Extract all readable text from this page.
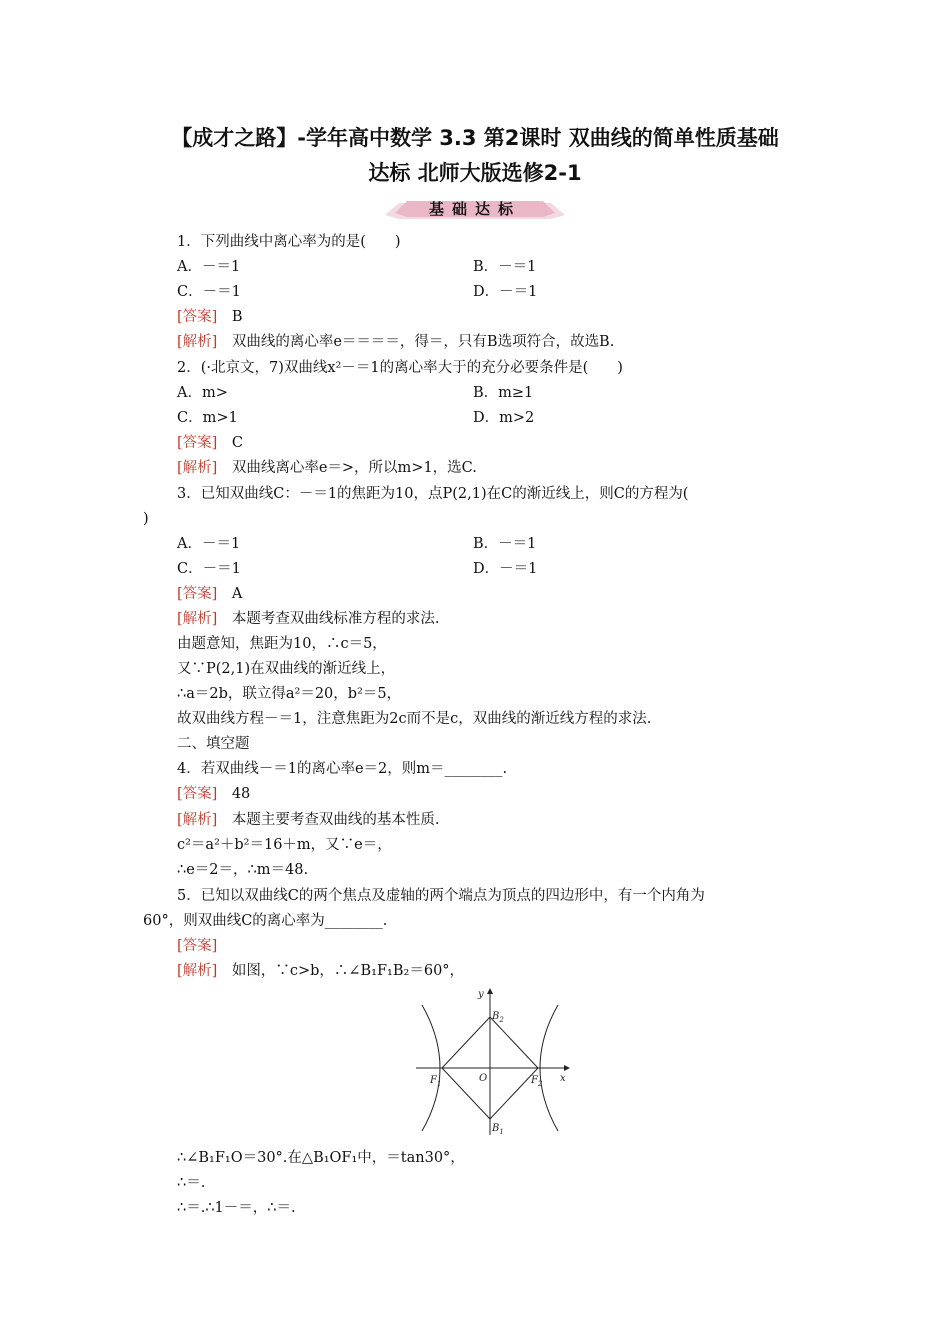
【成才之路】-学年高中数学 3.3 第2课时 双曲线的简单性质基础
达标 北师大版选修2-1
基础达标
1．下列曲线中离心率为的是(　　)
A．－＝1	B．－＝1
C．－＝1	D．－＝1
[答案]　B
[解析]　双曲线的离心率e＝＝＝＝，得＝，只有B选项符合，故选B.
2．(·北京文，7)双曲线x²－＝1的离心率大于的充分必要条件是(　　)
A．m>	B．m≥1
C．m>1	D．m>2
[答案]　C
[解析]　双曲线离心率e＝>，所以m>1，选C.
3．已知双曲线C：－＝1的焦距为10，点P(2,1)在C的渐近线上，则C的方程为(
)
A．－＝1	B．－＝1
C．－＝1	D．－＝1
[答案]　A
[解析]　本题考查双曲线标准方程的求法.
由题意知，焦距为10，∴c＝5，
又∵P(2,1)在双曲线的渐近线上，
∴a＝2b，联立得a²＝20，b²＝5，
故双曲线方程－＝1，注意焦距为2c而不是c，双曲线的渐近线方程的求法.
二、填空题
4．若双曲线－＝1的离心率e＝2，则m＝________.
[答案]　48
[解析]　本题主要考查双曲线的基本性质.
c²＝a²＋b²＝16＋m，又∵e＝，
∴e＝2＝，∴m＝48.
5．已知以双曲线C的两个焦点及虚轴的两个端点为顶点的四边形中，有一个内角为
60°，则双曲线C的离心率为________.
[答案]
[解析]　如图，∵c>b，∴∠B₁F₁B₂＝60°，
y
x
O
$F_1$	$F_2$
$B_2$
$B_1$
∴∠B₁F₁O＝30°.在△B₁OF₁中，＝tan30°，
∴＝.
∴＝.∴1－＝，∴＝.
